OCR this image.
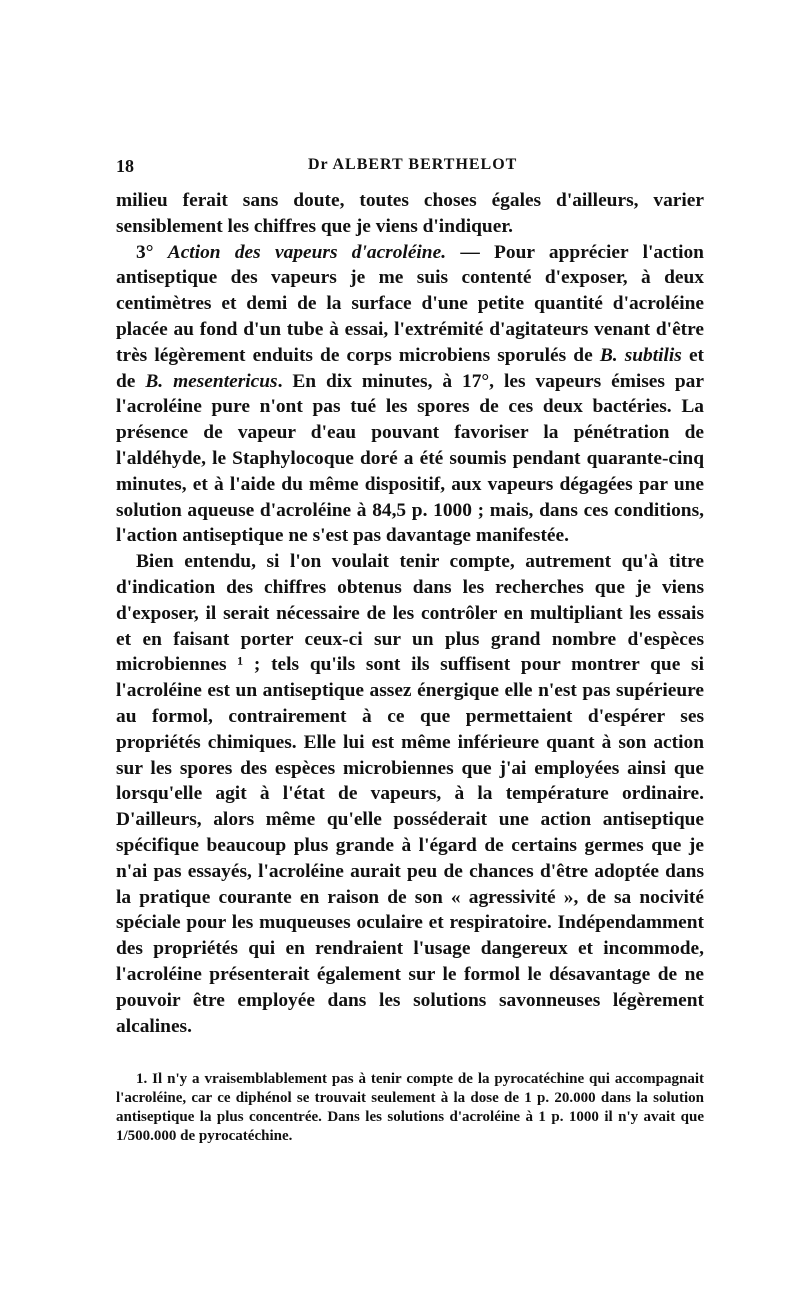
18	Dr ALBERT BERTHELOT

milieu ferait sans doute, toutes choses égales d'ailleurs, varier sensiblement les chiffres que je viens d'indiquer.

3° Action des vapeurs d'acroléine. — Pour apprécier l'action antiseptique des vapeurs je me suis contenté d'exposer, à deux centimètres et demi de la surface d'une petite quantité d'acroléine placée au fond d'un tube à essai, l'extrémité d'agitateurs venant d'être très légèrement enduits de corps microbiens sporulés de B. subtilis et de B. mesentericus. En dix minutes, à 17°, les vapeurs émises par l'acroléine pure n'ont pas tué les spores de ces deux bactéries. La présence de vapeur d'eau pouvant favoriser la pénétration de l'aldéhyde, le Staphylocoque doré a été soumis pendant quarante-cinq minutes, et à l'aide du même dispositif, aux vapeurs dégagées par une solution aqueuse d'acroléine à 84,5 p. 1000 ; mais, dans ces conditions, l'action antiseptique ne s'est pas davantage manifestée.

Bien entendu, si l'on voulait tenir compte, autrement qu'à titre d'indication des chiffres obtenus dans les recherches que je viens d'exposer, il serait nécessaire de les contrôler en multipliant les essais et en faisant porter ceux-ci sur un plus grand nombre d'espèces microbiennes ¹ ; tels qu'ils sont ils suffisent pour montrer que si l'acroléine est un antiseptique assez énergique elle n'est pas supérieure au formol, contrairement à ce que permettaient d'espérer ses propriétés chimiques. Elle lui est même inférieure quant à son action sur les spores des espèces microbiennes que j'ai employées ainsi que lorsqu'elle agit à l'état de vapeurs, à la température ordinaire. D'ailleurs, alors même qu'elle posséderait une action antiseptique spécifique beaucoup plus grande à l'égard de certains germes que je n'ai pas essayés, l'acroléine aurait peu de chances d'être adoptée dans la pratique courante en raison de son « agressivité », de sa nocivité spéciale pour les muqueuses oculaire et respiratoire. Indépendamment des propriétés qui en rendraient l'usage dangereux et incommode, l'acroléine présenterait également sur le formol le désavantage de ne pouvoir être employée dans les solutions savonneuses légèrement alcalines.

1. Il n'y a vraisemblablement pas à tenir compte de la pyrocatéchine qui accompagnait l'acroléine, car ce diphénol se trouvait seulement à la dose de 1 p. 20.000 dans la solution antiseptique la plus concentrée. Dans les solutions d'acroléine à 1 p. 1000 il n'y avait que 1/500.000 de pyrocatéchine.
